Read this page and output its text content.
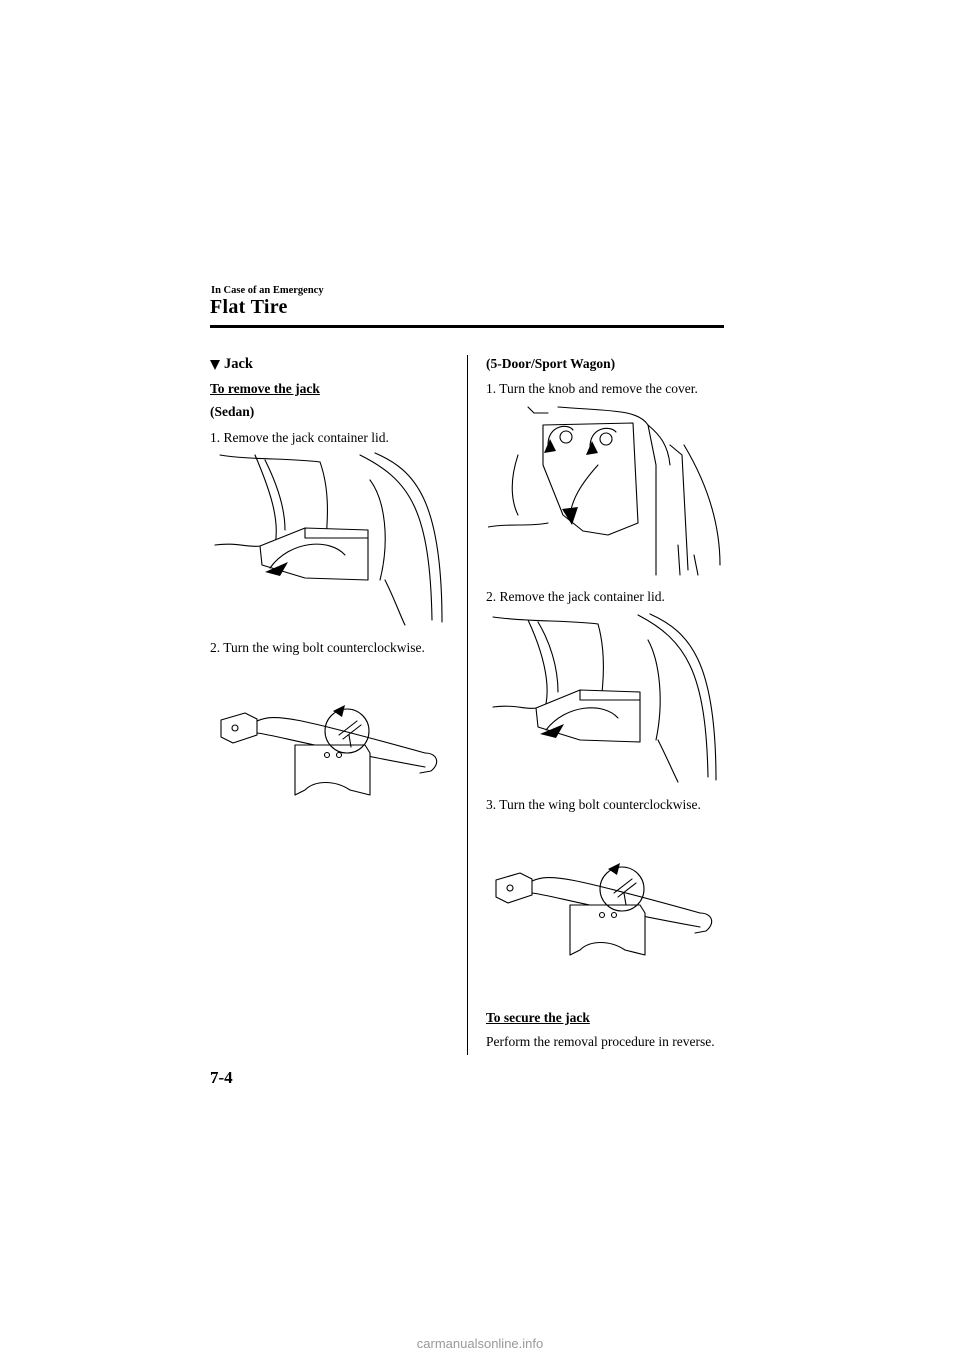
In Case of an Emergency
Flat Tire
Jack
To remove the jack
(Sedan)
1. Remove the jack container lid.
2. Turn the wing bolt counterclockwise.
(5-Door/Sport Wagon)
1. Turn the knob and remove the cover.
2. Remove the jack container lid.
3. Turn the wing bolt counterclockwise.
To secure the jack
Perform the removal procedure in reverse.
7-4
carmanualsonline.info
